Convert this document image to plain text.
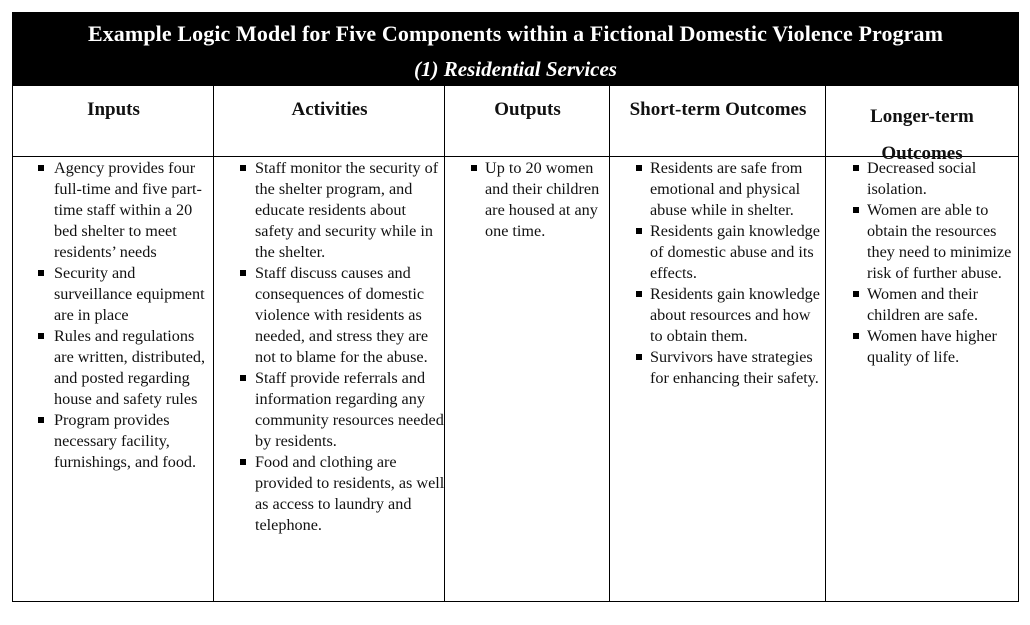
Example Logic Model for Five Components within a Fictional Domestic Violence Program
(1) Residential Services
Inputs
Agency provides four full-time and five part-time staff within a 20 bed shelter to meet residents’ needs
Security and surveillance equipment are in place
Rules and regulations are written, distributed, and posted regarding house and safety rules
Program provides necessary facility, furnishings, and food.
Activities
Staff monitor the security of the shelter program, and educate residents about safety and security while in the shelter.
Staff discuss causes and consequences of domestic violence with residents as needed, and stress they are not to blame for the abuse.
Staff provide referrals and information regarding any community resources needed by residents.
Food and clothing are provided to residents, as well as access to laundry and telephone.
Outputs
Up to 20 women and their children are housed at any one time.
Short-term Outcomes
Residents are safe from emotional and physical abuse while in shelter.
Residents gain knowledge of domestic abuse and its effects.
Residents gain knowledge about resources and how to obtain them.
Survivors have strategies for enhancing their safety.
Longer-term
Outcomes
Decreased social isolation.
Women are able to obtain the resources they need to minimize risk of further abuse.
Women and their children are safe.
Women have higher quality of life.
